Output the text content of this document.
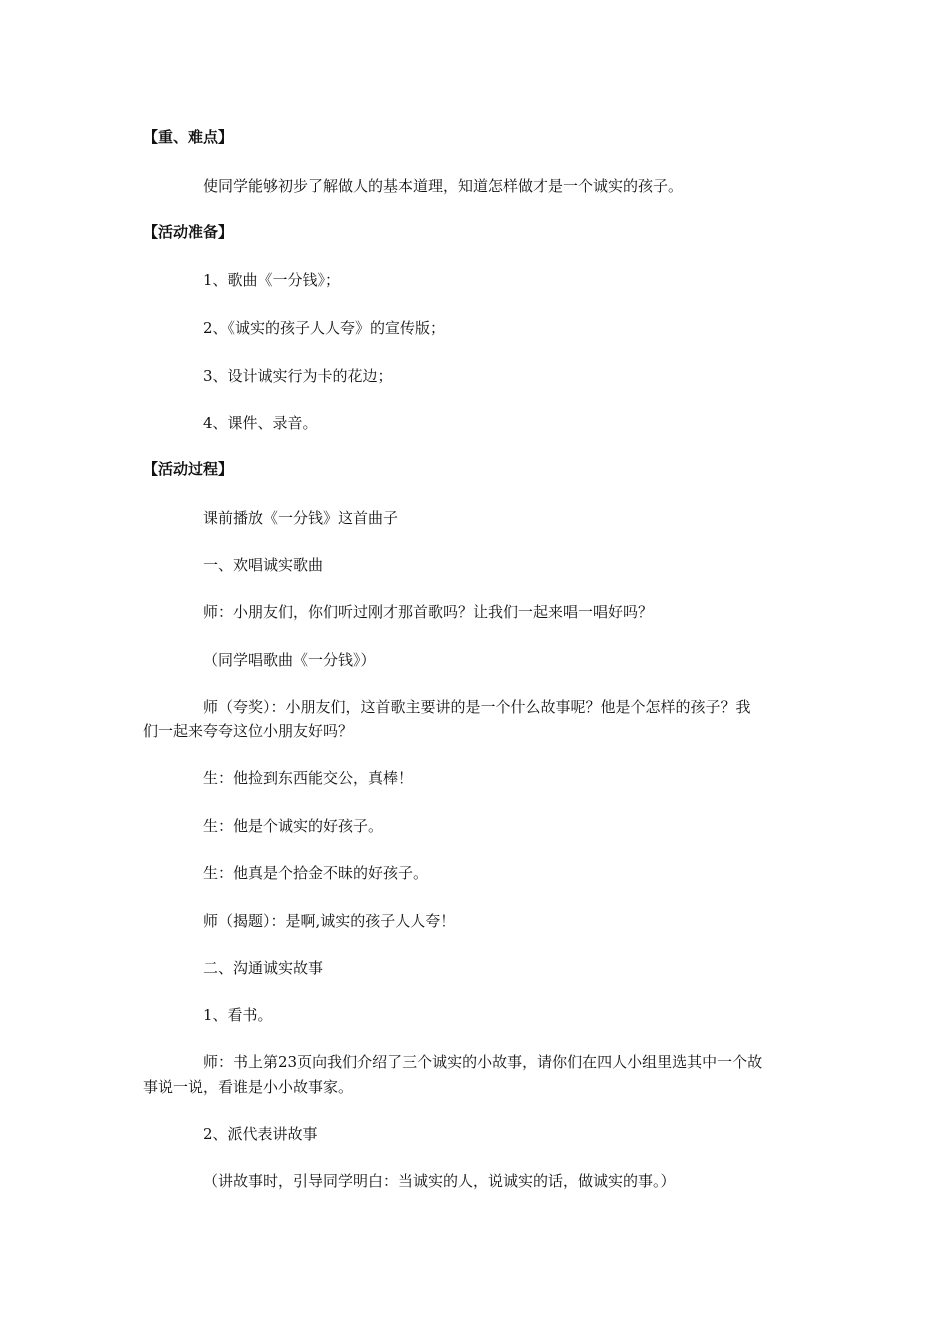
【重、难点】

使同学能够初步了解做人的基本道理，知道怎样做才是一个诚实的孩子。

【活动准备】

1、歌曲《一分钱》；

2、《诚实的孩子人人夸》的宣传版；

3、设计诚实行为卡的花边；

4、课件、录音。

【活动过程】

课前播放《一分钱》这首曲子

一、欢唱诚实歌曲

师：小朋友们，你们听过刚才那首歌吗？让我们一起来唱一唱好吗？

（同学唱歌曲《一分钱》）

师（夸奖）：小朋友们，这首歌主要讲的是一个什么故事呢？他是个怎样的孩子？我

们一起来夸夸这位小朋友好吗？

生：他捡到东西能交公，真棒！

生：他是个诚实的好孩子。

生：他真是个拾金不昧的好孩子。

师（揭题）：是啊,诚实的孩子人人夸！

二、沟通诚实故事

1、看书。

师：书上第23页向我们介绍了三个诚实的小故事，请你们在四人小组里选其中一个故

事说一说，看谁是小小故事家。

2、派代表讲故事

（讲故事时，引导同学明白：当诚实的人，说诚实的话，做诚实的事。）
